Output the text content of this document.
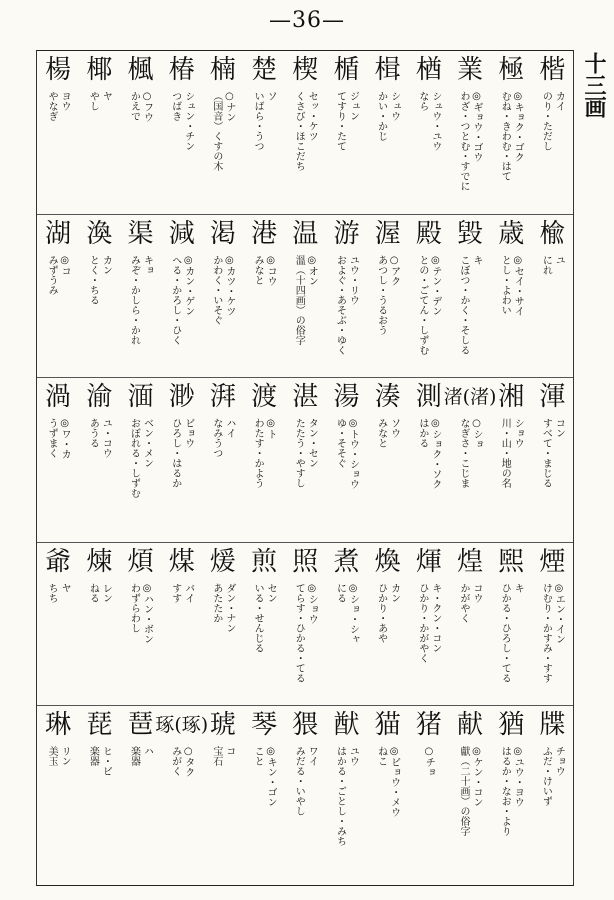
—36—
十三画
楷
カイ
のり・ただし
極
◎キョク・ゴク
むね・きわむ・はて
業
◎ギョウ・ゴウ
わざ・つとむ・すでに
楢
シュウ・ユウ
なら
楫
シュウ
かい・かじ
楯
ジュン
てすり・たて
楔
セッ・ケツ
くさび・ほこだち
楚
ソ
いばら・うつ
楠
○ナン
（国音）くすの木
椿
シュン・チン
つばき
楓
○フウ
かえで
椰
ヤ
やし
楊
ヨウ
やなぎ
楡
ユ
にれ
歳
◎セイ・サイ
とし・よわい
毀
キ
こぼつ・かく・そしる
殿
◎テン・デン
との・ごてん・しずむ
渥
○アク
あつし・うるおう
游
ユウ・リウ
およぐ・あそぶ・ゆく
温
◎オン
溫（十四画）の俗字
港
◎コウ
みなと
渇
◎カツ・ケツ
かわく・いそぐ
減
◎カン・ゲン
へる・かろし・ひく
渠
キョ
みぞ・かしら・かれ
渙
カン
とく・ちる
湖
◎コ
みずうみ
渾
コン
すべて・まじる
湘
ショウ
川・山・地の名
渚(渚)
○ショ
なぎさ・こじま
測
◎ショク・ソク
はかる
湊
ソウ
みなと
湯
◎トウ・ショウ
ゆ・そそぐ
湛
タン・セン
たたう・やすし
渡
◎ト
わたす・かよう
湃
ハイ
なみうつ
渺
ビョウ
ひろし・はるか
湎
ベン・メン
おぼれる・しずむ
渝
ユ・コウ
あうる
渦
◎ワ・カ
うずまく
煙
◎エン・イン
けむり・かすみ・すす
煕
キ
ひかる・ひろし・てる
煌
コウ
かがやく
煇
キ・クン・コン
ひかり・かがやく
煥
カン
ひかり・あや
煮
◎ショ・シャ
にる
照
◎ショウ
てらす・ひかる・てる
煎
セン
いる・せんじる
煖
ダン・ナン
あたたか
煤
バイ
すす
煩
◎ハン・ボン
わずらわし
煉
レン
ねる
爺
ヤ
ちち
牒
チョウ
ふだ・けいず
猶
◎ユウ・ヨウ
はるか・なお・より
献
◎ケン・コン
獻（二十画）の俗字
猪
○チョ
猫
◎ビョウ・メウ
ねこ
猷
ユウ
はかる・ごとし・みち
猥
ワイ
みだる・いやし
琴
◎キン・ゴン
こと
琥
コ
宝石
琢(琢)
○タク
みがく
琶
ハ
楽器
琵
ヒ・ビ
楽器
琳
リン
美玉
